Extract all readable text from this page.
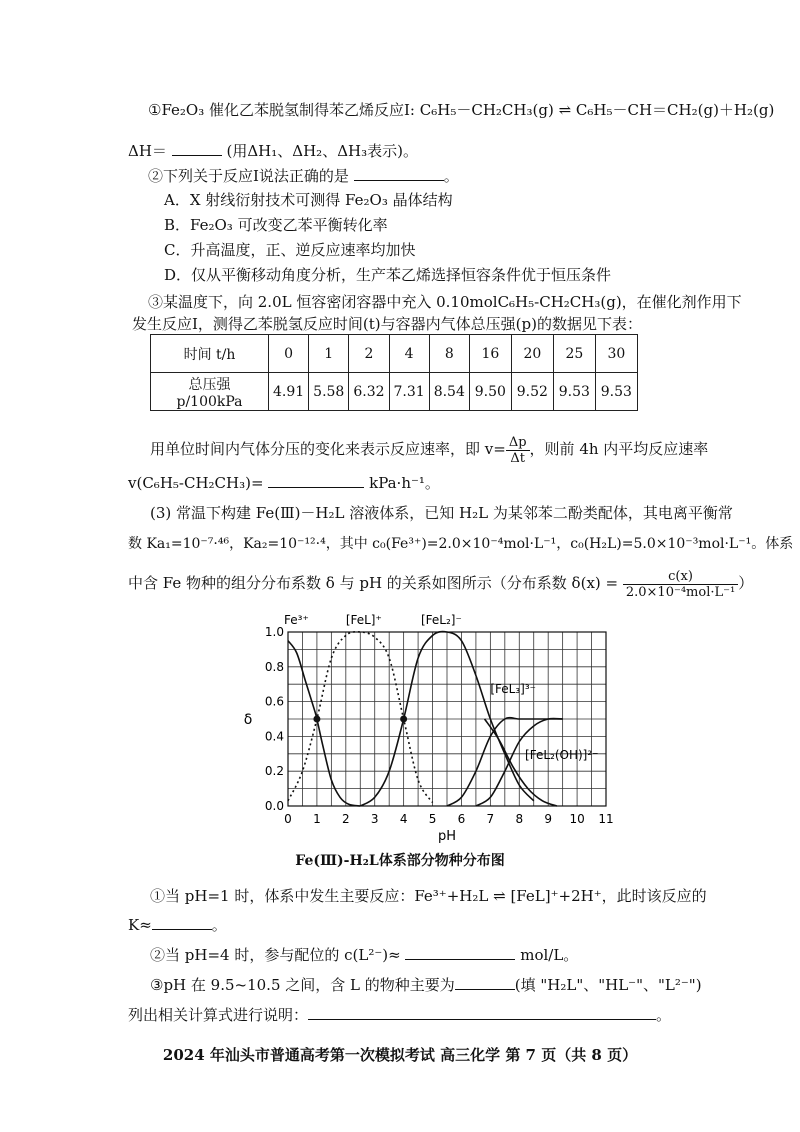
①Fe₂O₃ 催化乙苯脱氢制得苯乙烯反应Ⅰ: C₆H₅－CH₂CH₃(g) ⇌ C₆H₅－CH＝CH₂(g)＋H₂(g)
ΔH＝	(用ΔH₁、ΔH₂、ΔH₃表示)。
②下列关于反应Ⅰ说法正确的是	。
A．X 射线衍射技术可测得 Fe₂O₃ 晶体结构
B．Fe₂O₃ 可改变乙苯平衡转化率
C．升高温度，正、逆反应速率均加快
D．仅从平衡移动角度分析，生产苯乙烯选择恒容条件优于恒压条件
③某温度下，向 2.0L 恒容密闭容器中充入 0.10molC₆H₅-CH₂CH₃(g)，在催化剂作用下
发生反应Ⅰ，测得乙苯脱氢反应时间(t)与容器内气体总压强(p)的数据见下表：
时间 t/h	0	1	2	4	8	16	20	25	30
总压强 p/100kPa	4.91	5.58	6.32	7.31	8.54	9.50	9.52	9.53	9.53
用单位时间内气体分压的变化来表示反应速率，即 $v= \frac{\Delta p}{\Delta t}$ ，则前 4h 内平均反应速率
v(C₆H₅-CH₂CH₃)=	kPa·h⁻¹。
(3) 常温下构建 Fe(Ⅲ)－H₂L 溶液体系，已知 H₂L 为某邻苯二酚类配体，其电离平衡常
数 Ka₁=10⁻⁷·⁴⁶，Ka₂=10⁻¹²·⁴，其中 c₀(Fe³⁺)=2.0×10⁻⁴mol·L⁻¹，c₀(H₂L)=5.0×10⁻³mol·L⁻¹。体系
中含 Fe 物种的组分分布系数 δ 与 pH 的关系如图所示（分布系数 $\delta(x) = \frac{c(x)}{\text{2.0×10⁻⁴mol·L⁻¹}}$ ）
0 1 2 3 4 5 6 7 8 9 10 11
0.0
0.2
0.4
0.6
0.8
1.0
pH
δ
Fe³⁺	[FeL]⁺	[FeL₂]⁻
[FeL₃]³⁻
[FeL₂(OH)]²⁻
Fe(Ⅲ)-H₂L体系部分物种分布图
①当 pH=1 时，体系中发生主要反应：Fe³⁺+H₂L ⇌ [FeL]⁺+2H⁺，此时该反应的
K≈	。
②当 pH=4 时，参与配位的 c(L²⁻)≈	mol/L。
③pH 在 9.5~10.5 之间，含 L 的物种主要为	(填 "H₂L"、"HL⁻"、"L²⁻")
列出相关计算式进行说明：	。
2024 年汕头市普通高考第一次模拟考试 高三化学 第 7 页（共 8 页）
